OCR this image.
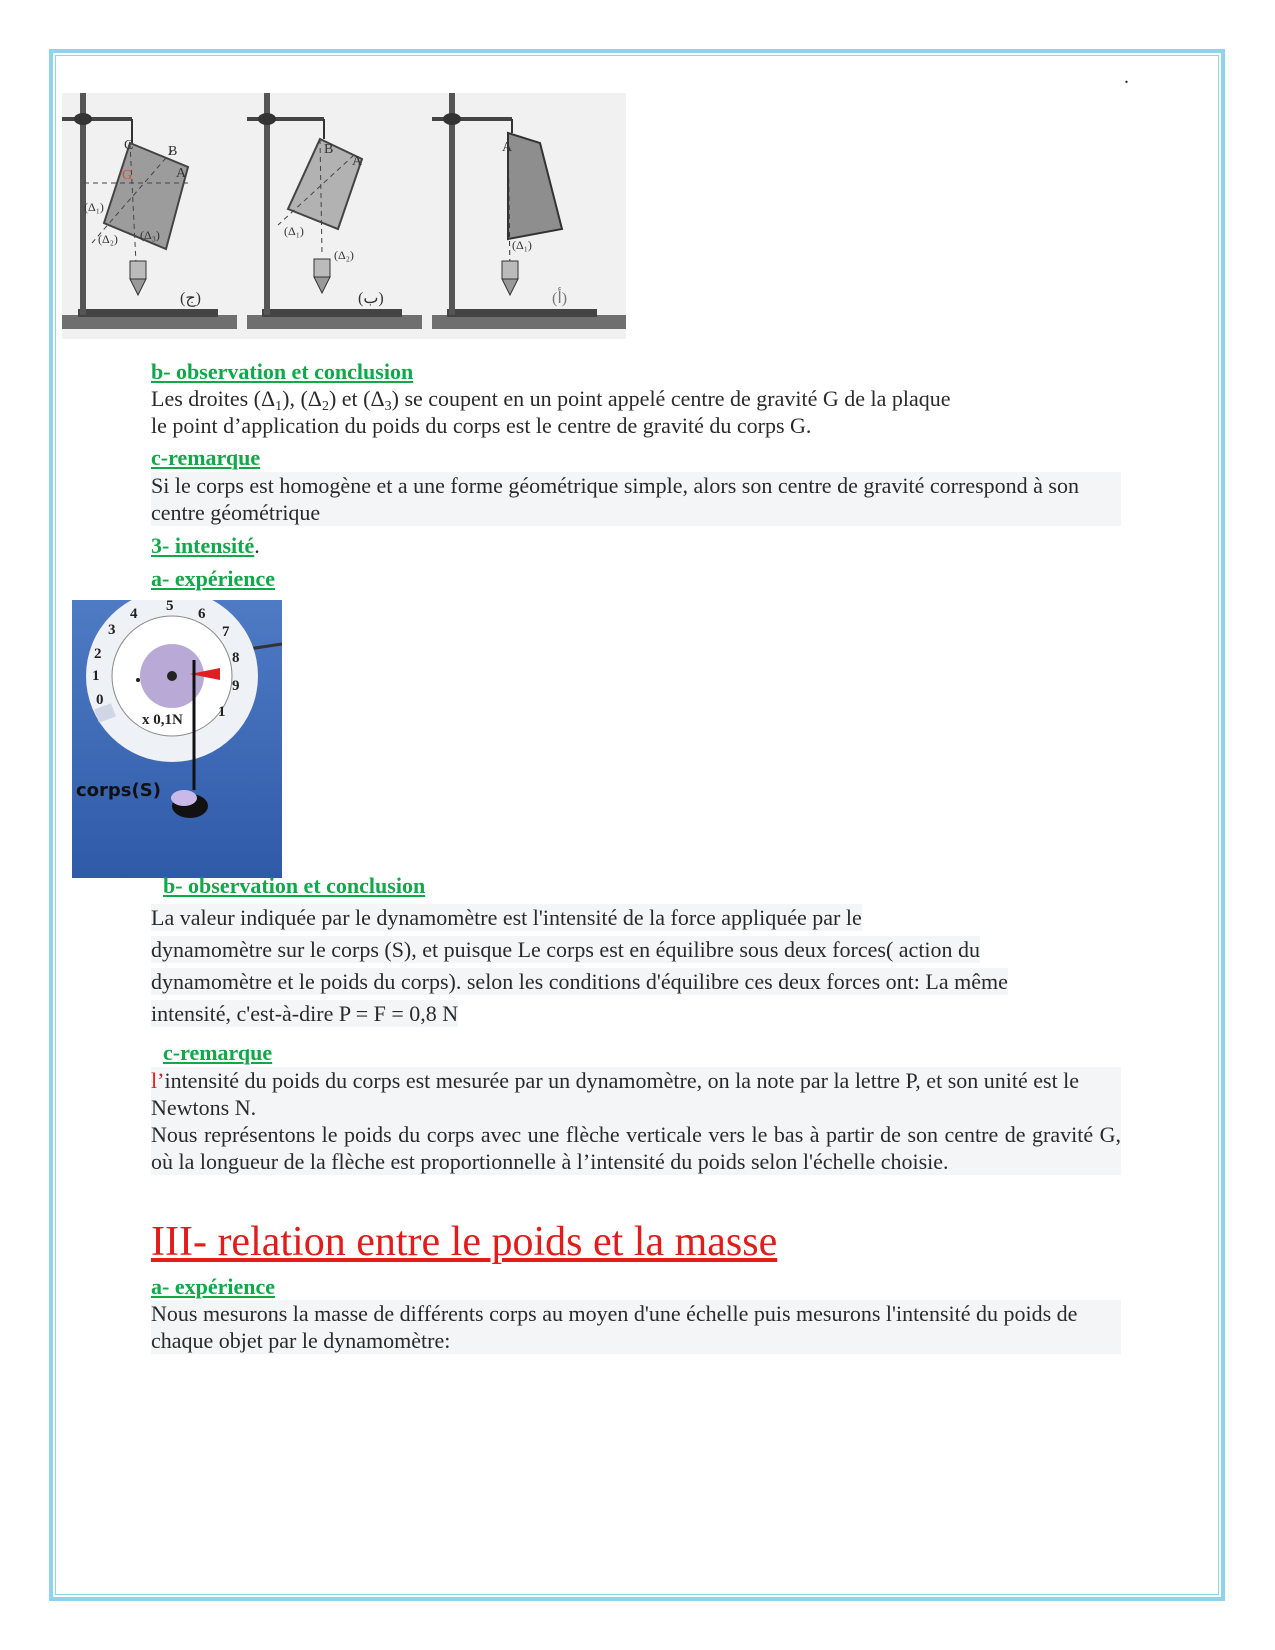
.
C B
A
G
(Δ₁)
(Δ₂) (Δ₃)
(ج)
B
A
(Δ₁)
(Δ₂)
(ب)
A
(Δ₁)
(أ)
b- observation et conclusion
Les droites $(\Delta_1)$, $(\Delta_2)$ et $(\Delta_3)$ se coupent en un point appelé centre de gravité G de la plaque
le point d’application du poids du corps est le centre de gravité du corps G.
c-remarque
Si le corps est homogène et a une forme géométrique simple, alors son centre de gravité correspond à son centre géométrique
3- intensité.
a- expérience
0
1
2
3
4 5 6
7
8
9
1
x 0,1N
corps(S)
b- observation et conclusion
La valeur indiquée par le dynamomètre est l'intensité de la force appliquée par le
dynamomètre sur le corps (S), et puisque Le corps est en équilibre sous deux forces( action du
dynamomètre et le poids du corps). selon les conditions d'équilibre ces deux forces ont: La même
intensité, c'est-à-dire P = F = 0,8 N
c-remarque
l’intensité du poids du corps est mesurée par un dynamomètre, on la note par la lettre P, et son unité est le Newtons N.
Nous représentons le poids du corps avec une flèche verticale vers le bas à partir de son centre de gravité G, où la longueur de la flèche est proportionnelle à l’intensité du poids selon l'échelle choisie.
III- relation entre le poids et la masse
a- expérience
Nous mesurons la masse de différents corps au moyen d'une échelle puis mesurons l'intensité du poids de chaque objet par le dynamomètre:
